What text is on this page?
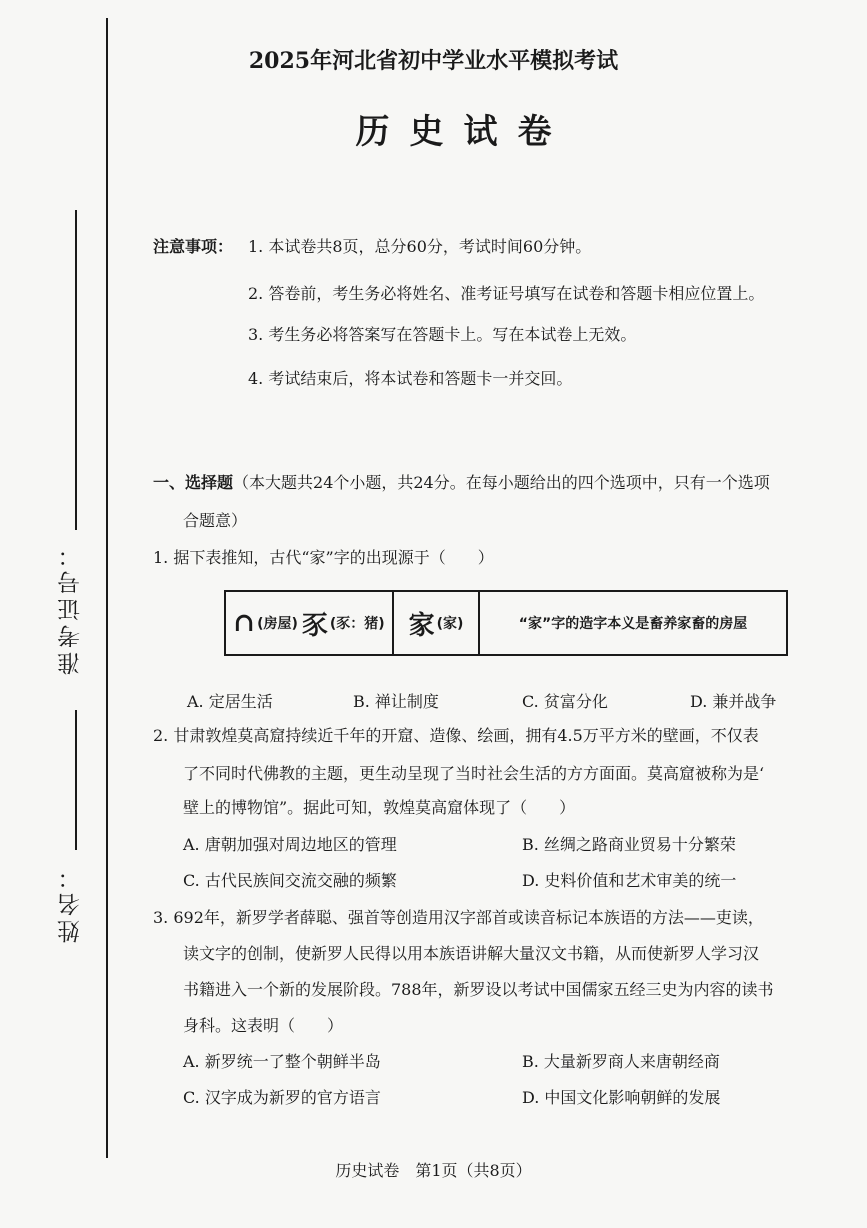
准考证号：
姓名：
2025年河北省初中学业水平模拟考试
历史试卷
注意事项： 1. 本试卷共8页，总分60分，考试时间60分钟。
2. 答卷前，考生务必将姓名、准考证号填写在试卷和答题卡相应位置上。
3. 考生务必将答案写在答题卡上。写在本试卷上无效。
4. 考试结束后，将本试卷和答题卡一并交回。
一、选择题（本大题共24个小题，共24分。在每小题给出的四个选项中，只有一个选项
合题意）
1. 据下表推知，古代“家”字的出现源于（　　）
∩ (房屋) 豕 (豕：猪) 家 (家)	“家”字的造字本义是畜养家畜的房屋
A. 定居生活	B. 禅让制度	C. 贫富分化	D. 兼并战争
2. 甘肃敦煌莫高窟持续近千年的开窟、造像、绘画，拥有4.5万平方米的壁画，不仅表
了不同时代佛教的主题，更生动呈现了当时社会生活的方方面面。莫高窟被称为是‘
壁上的博物馆”。据此可知，敦煌莫高窟体现了（　　）
A. 唐朝加强对周边地区的管理	B. 丝绸之路商业贸易十分繁荣
C. 古代民族间交流交融的频繁	D. 史料价值和艺术审美的统一
3. 692年，新罗学者薛聪、强首等创造用汉字部首或读音标记本族语的方法——吏读，
读文字的创制，使新罗人民得以用本族语讲解大量汉文书籍，从而使新罗人学习汉
书籍进入一个新的发展阶段。788年，新罗设以考试中国儒家五经三史为内容的读书
身科。这表明（　　）
A. 新罗统一了整个朝鲜半岛	B. 大量新罗商人来唐朝经商
C. 汉字成为新罗的官方语言	D. 中国文化影响朝鲜的发展
历史试卷　第1页（共8页）
